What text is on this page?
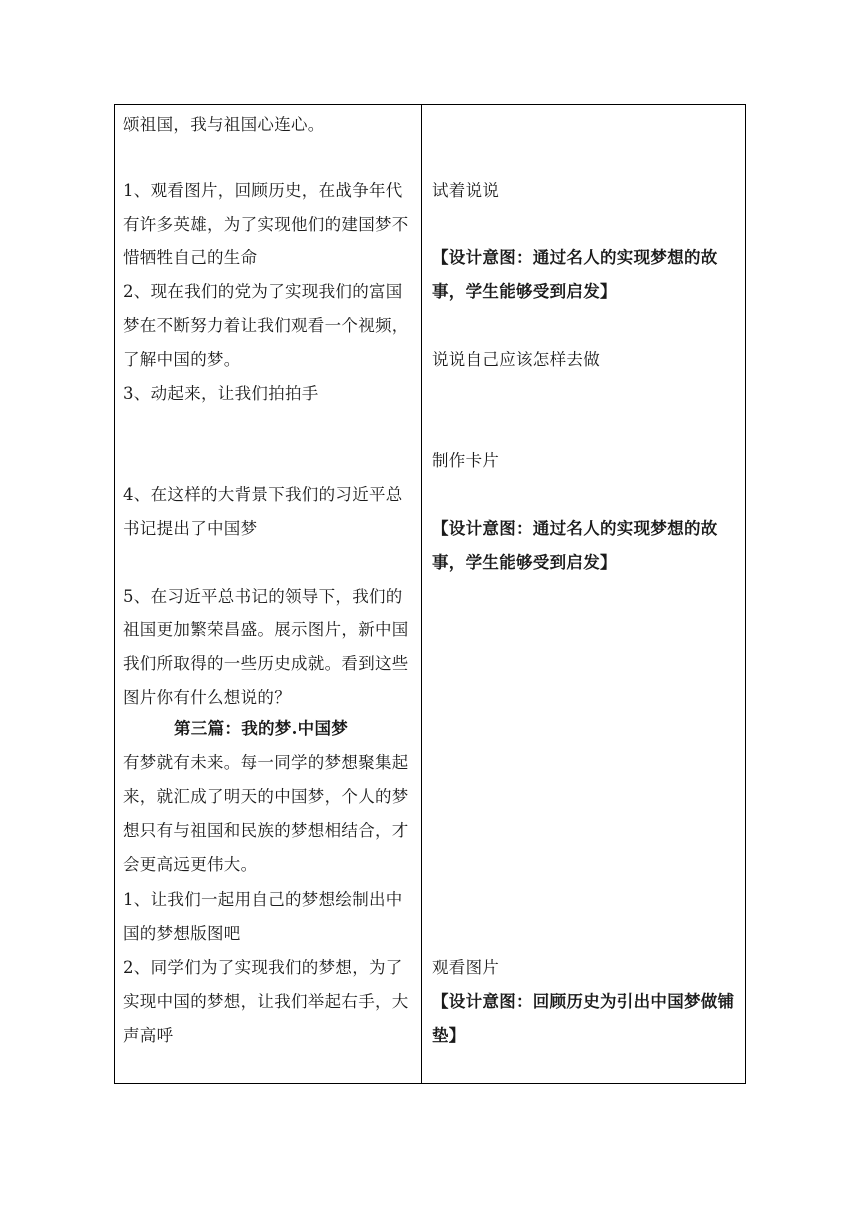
颂祖国，我与祖国心连心。
1、观看图片，回顾历史，在战争年代
有许多英雄，为了实现他们的建国梦不
惜牺牲自己的生命
2、现在我们的党为了实现我们的富国
梦在不断努力着让我们观看一个视频，
了解中国的梦。
3、动起来，让我们拍拍手
4、在这样的大背景下我们的习近平总
书记提出了中国梦
5、在习近平总书记的领导下，我们的
祖国更加繁荣昌盛。展示图片，新中国
我们所取得的一些历史成就。看到这些
图片你有什么想说的？
第三篇：我的梦.中国梦
有梦就有未来。每一同学的梦想聚集起
来，就汇成了明天的中国梦，个人的梦
想只有与祖国和民族的梦想相结合，才
会更高远更伟大。
1、让我们一起用自己的梦想绘制出中
国的梦想版图吧
2、同学们为了实现我们的梦想，为了
实现中国的梦想，让我们举起右手，大
声高呼
试着说说
【设计意图：通过名人的实现梦想的故
事，学生能够受到启发】
说说自己应该怎样去做
制作卡片
【设计意图：通过名人的实现梦想的故
事，学生能够受到启发】
观看图片
【设计意图：回顾历史为引出中国梦做铺
垫】
